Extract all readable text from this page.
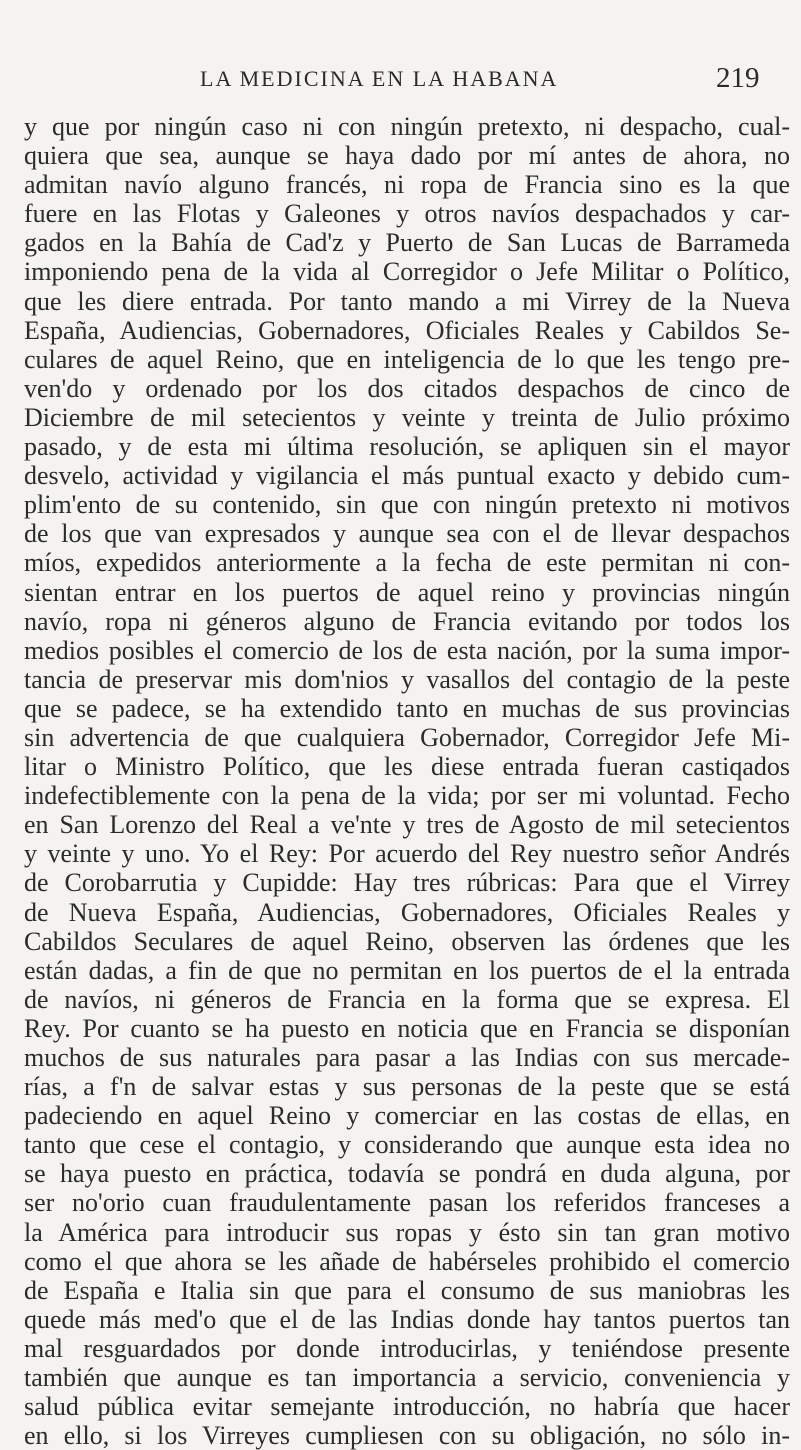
LA MEDICINA EN LA HABANA	219
y que por ningún caso ni con ningún pretexto, ni despacho, cual-
quiera que sea, aunque se haya dado por mí antes de ahora, no
admitan navío alguno francés, ni ropa de Francia sino es la que
fuere en las Flotas y Galeones y otros navíos despachados y car-
gados en la Bahía de Cad'z y Puerto de San Lucas de Barrameda
imponiendo pena de la vida al Corregidor o Jefe Militar o Político,
que les diere entrada. Por tanto mando a mi Virrey de la Nueva
España, Audiencias, Gobernadores, Oficiales Reales y Cabildos Se-
culares de aquel Reino, que en inteligencia de lo que les tengo pre-
ven'do y ordenado por los dos citados despachos de cinco de
Diciembre de mil setecientos y veinte y treinta de Julio próximo
pasado, y de esta mi última resolución, se apliquen sin el mayor
desvelo, actividad y vigilancia el más puntual exacto y debido cum-
plim'ento de su contenido, sin que con ningún pretexto ni motivos
de los que van expresados y aunque sea con el de llevar despachos
míos, expedidos anteriormente a la fecha de este permitan ni con-
sientan entrar en los puertos de aquel reino y provincias ningún
navío, ropa ni géneros alguno de Francia evitando por todos los
medios posibles el comercio de los de esta nación, por la suma impor-
tancia de preservar mis dom'nios y vasallos del contagio de la peste
que se padece, se ha extendido tanto en muchas de sus provincias
sin advertencia de que cualquiera Gobernador, Corregidor Jefe Mi-
litar o Ministro Político, que les diese entrada fueran castiqados
indefectiblemente con la pena de la vida; por ser mi voluntad. Fecho
en San Lorenzo del Real a ve'nte y tres de Agosto de mil setecientos
y veinte y uno. Yo el Rey: Por acuerdo del Rey nuestro señor Andrés
de Corobarrutia y Cupidde: Hay tres rúbricas: Para que el Virrey
de Nueva España, Audiencias, Gobernadores, Oficiales Reales y
Cabildos Seculares de aquel Reino, observen las órdenes que les
están dadas, a fin de que no permitan en los puertos de el la entrada
de navíos, ni géneros de Francia en la forma que se expresa. El
Rey. Por cuanto se ha puesto en noticia que en Francia se disponían
muchos de sus naturales para pasar a las Indias con sus mercade-
rías, a f'n de salvar estas y sus personas de la peste que se está
padeciendo en aquel Reino y comerciar en las costas de ellas, en
tanto que cese el contagio, y considerando que aunque esta idea no
se haya puesto en práctica, todavía se pondrá en duda alguna, por
ser no'orio cuan fraudulentamente pasan los referidos franceses a
la América para introducir sus ropas y ésto sin tan gran motivo
como el que ahora se les añade de habérseles prohibido el comercio
de España e Italia sin que para el consumo de sus maniobras les
quede más med'o que el de las Indias donde hay tantos puertos tan
mal resguardados por donde introducirlas, y teniéndose presente
también que aunque es tan importancia a servicio, conveniencia y
salud pública evitar semejante introducción, no habría que hacer
en ello, si los Virreyes cumpliesen con su obligación, no sólo in-
